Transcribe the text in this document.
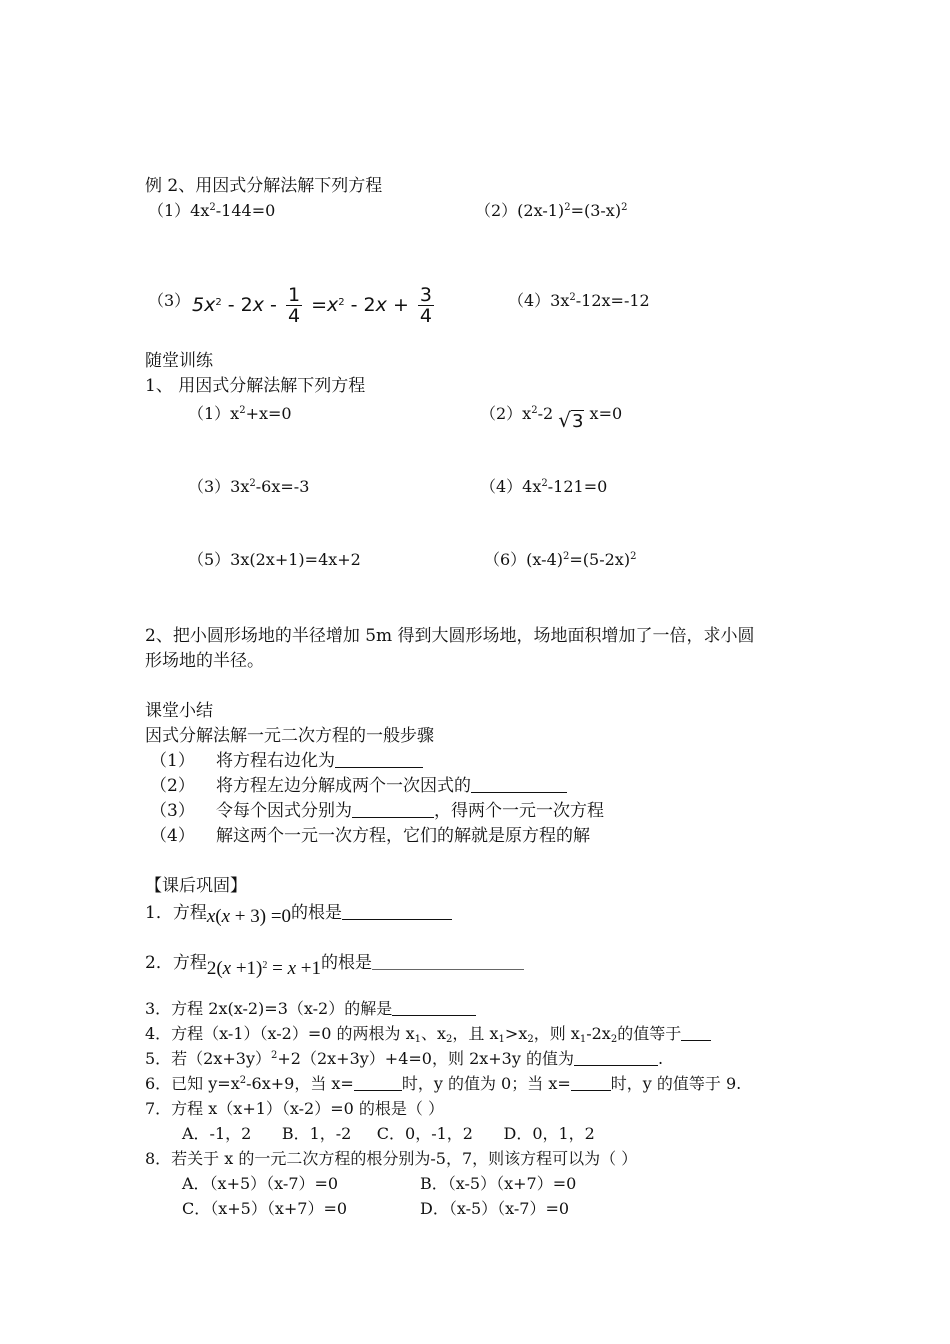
例 2、用因式分解法解下列方程
$(1)4x^2-144=0$	$(2)(2x-1)^2=(3-x)^2$
（3） $5x^2 - 2x - \frac{1}{4} =x^2 - 2x + \frac{3}{4}$	$(4)3x^2-12x=-12$
随堂训练
1、 用因式分解法解下列方程
$(1)x^2+x=0$	$(2)x^2-2$ √3 x=0
$(3)3x^2-6x=-3$	$(4)4x^2-121=0$
（5）3x(2x+1)=4x+2	$(6)(x-4)^2=(5-2x)^2$
2、把小圆形场地的半径增加 5m 得到大圆形场地，场地面积增加了一倍，求小圆
形场地的半径。
课堂小结
因式分解法解一元二次方程的一般步骤
（1） 将方程右边化为
（2） 将方程左边分解成两个一次因式的
（3） 令每个因式分别为	，得两个一元一次方程
（4） 解这两个一元一次方程，它们的解就是原方程的解
【课后巩固】
1．方程x(x + 3) =0的根是
2．方程$2(x +1)^2 = x +1$的根是
3．方程 2x(x-2)=3（x-2）的解是
4．方程（x-1）（x-2）=0 的两根为 $x_1$、$x_2$，且 $x_1>x_2$，则 $x_1-2x_2$的值等于
5．若$(2x+3y)^2+2(2x+3y)+4=0$，则 2x+3y 的值为	.
6．已知 $y=x^2-6x+9$，当 x=	时，y 的值为 0；当 x=	时，y 的值等于 9.
7．方程 x（x+1）（x-2）=0 的根是（ ）
A．-1，2      B．1，-2     C．0，-1，2      D．0，1，2
8．若关于 x 的一元二次方程的根分别为-5，7，则该方程可以为（ ）
A．（x+5）（x-7）=0	B．（x-5）（x+7）=0
C．（x+5）（x+7）=0	D．（x-5）（x-7）=0
